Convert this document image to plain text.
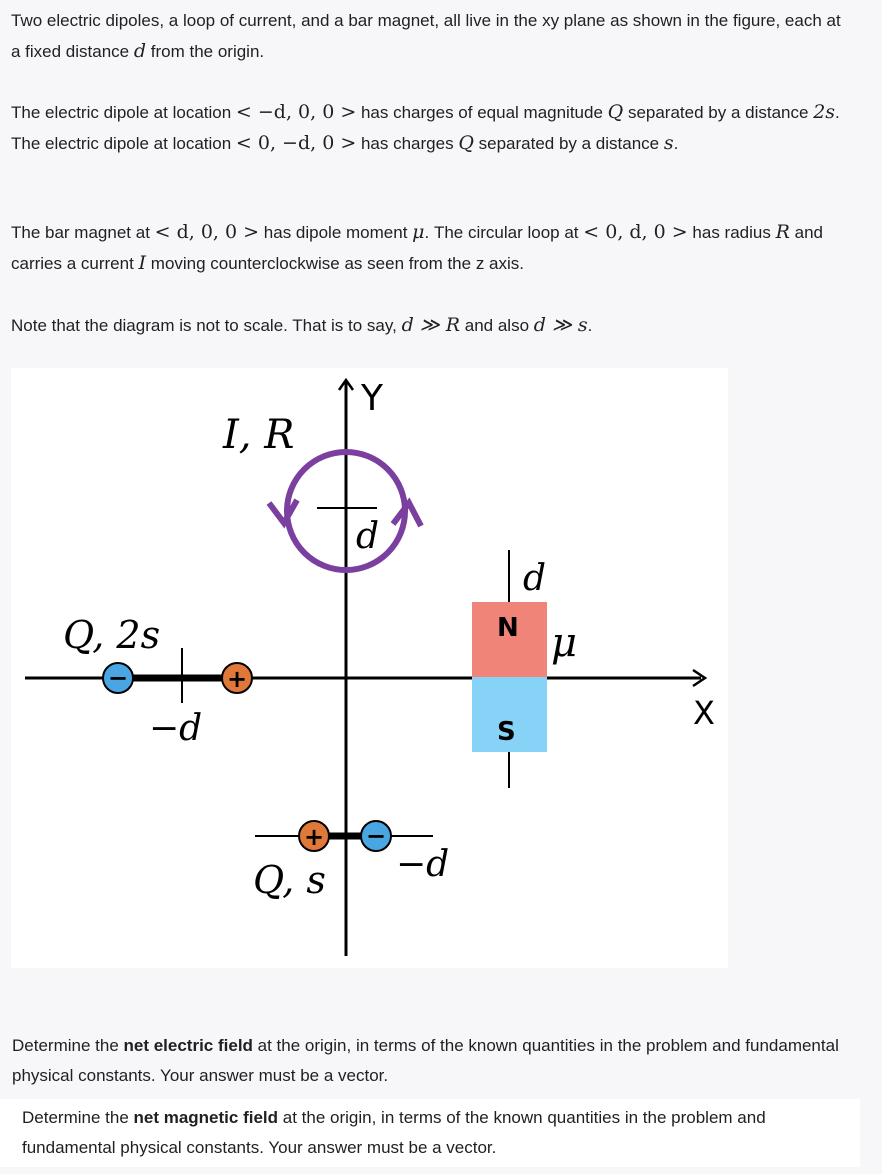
Two electric dipoles, a loop of current, and a bar magnet, all live in the xy plane as shown in the figure, each at a fixed distance d from the origin.

The electric dipole at location < −d, 0, 0 > has charges of equal magnitude Q separated by a distance 2s. The electric dipole at location < 0, −d, 0 > has charges Q separated by a distance s.

The bar magnet at < d, 0, 0 > has dipole moment μ. The circular loop at < 0, d, 0 > has radius R and carries a current I moving counterclockwise as seen from the z axis.

Note that the diagram is not to scale. That is to say, d ≫ R and also d ≫ s.

Y
X
I, R
d
d
N
S
μ
Q, 2s
−d
−	+
+ −
Q, s −d
Determine the net electric field at the origin, in terms of the known quantities in the problem and fundamental physical constants. Your answer must be a vector.
Determine the net magnetic field at the origin, in terms of the known quantities in the problem and fundamental physical constants. Your answer must be a vector.
